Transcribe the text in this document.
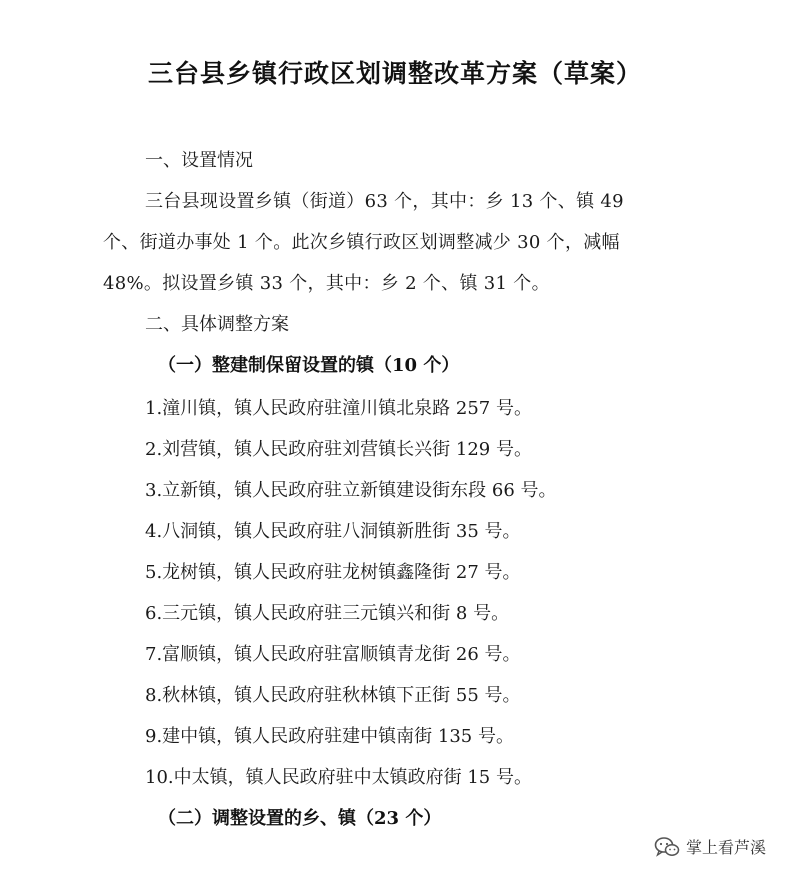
三台县乡镇行政区划调整改革方案（草案）
一、设置情况
三台县现设置乡镇（街道）63 个，其中：乡 13 个、镇 49
个、街道办事处 1 个。此次乡镇行政区划调整减少 30 个，减幅
48%。拟设置乡镇 33 个，其中：乡 2 个、镇 31 个。
二、具体调整方案
（一）整建制保留设置的镇（10 个）
1.潼川镇，镇人民政府驻潼川镇北泉路 257 号。
2.刘营镇，镇人民政府驻刘营镇长兴街 129 号。
3.立新镇，镇人民政府驻立新镇建设街东段 66 号。
4.八洞镇，镇人民政府驻八洞镇新胜街 35 号。
5.龙树镇，镇人民政府驻龙树镇鑫隆街 27 号。
6.三元镇，镇人民政府驻三元镇兴和街 8 号。
7.富顺镇，镇人民政府驻富顺镇青龙街 26 号。
8.秋林镇，镇人民政府驻秋林镇下正街 55 号。
9.建中镇，镇人民政府驻建中镇南街 135 号。
10.中太镇，镇人民政府驻中太镇政府街 15 号。
（二）调整设置的乡、镇（23 个）
掌上看芦溪
